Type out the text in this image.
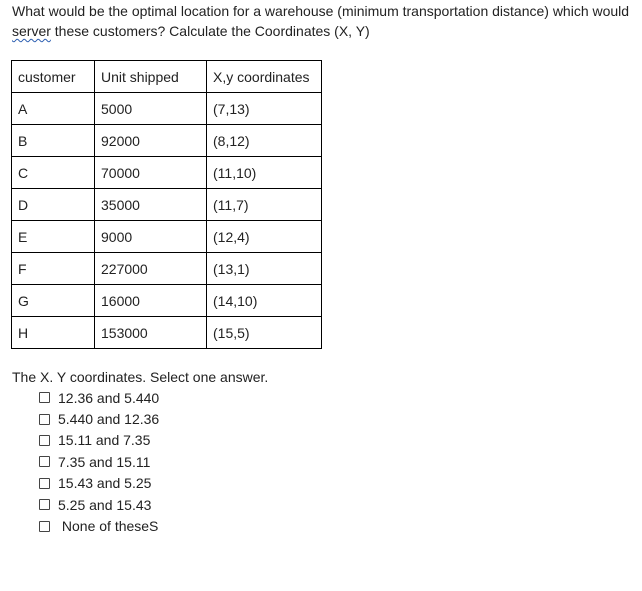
What would be the optimal location for a warehouse (minimum transportation distance) which would server these customers? Calculate the Coordinates (X, Y)
customer	Unit shipped	X,y coordinates
A	5000	(7,13)
B	92000	(8,12)
C	70000	(11,10)
D	35000	(11,7)
E	9000	(12,4)
F	227000	(13,1)
G	16000	(14,10)
H	153000	(15,5)
The X. Y coordinates. Select one answer.
12.36 and 5.440
5.440 and 12.36
15.11 and 7.35
7.35 and 15.11
15.43 and 5.25
5.25 and 15.43
None of theseS
